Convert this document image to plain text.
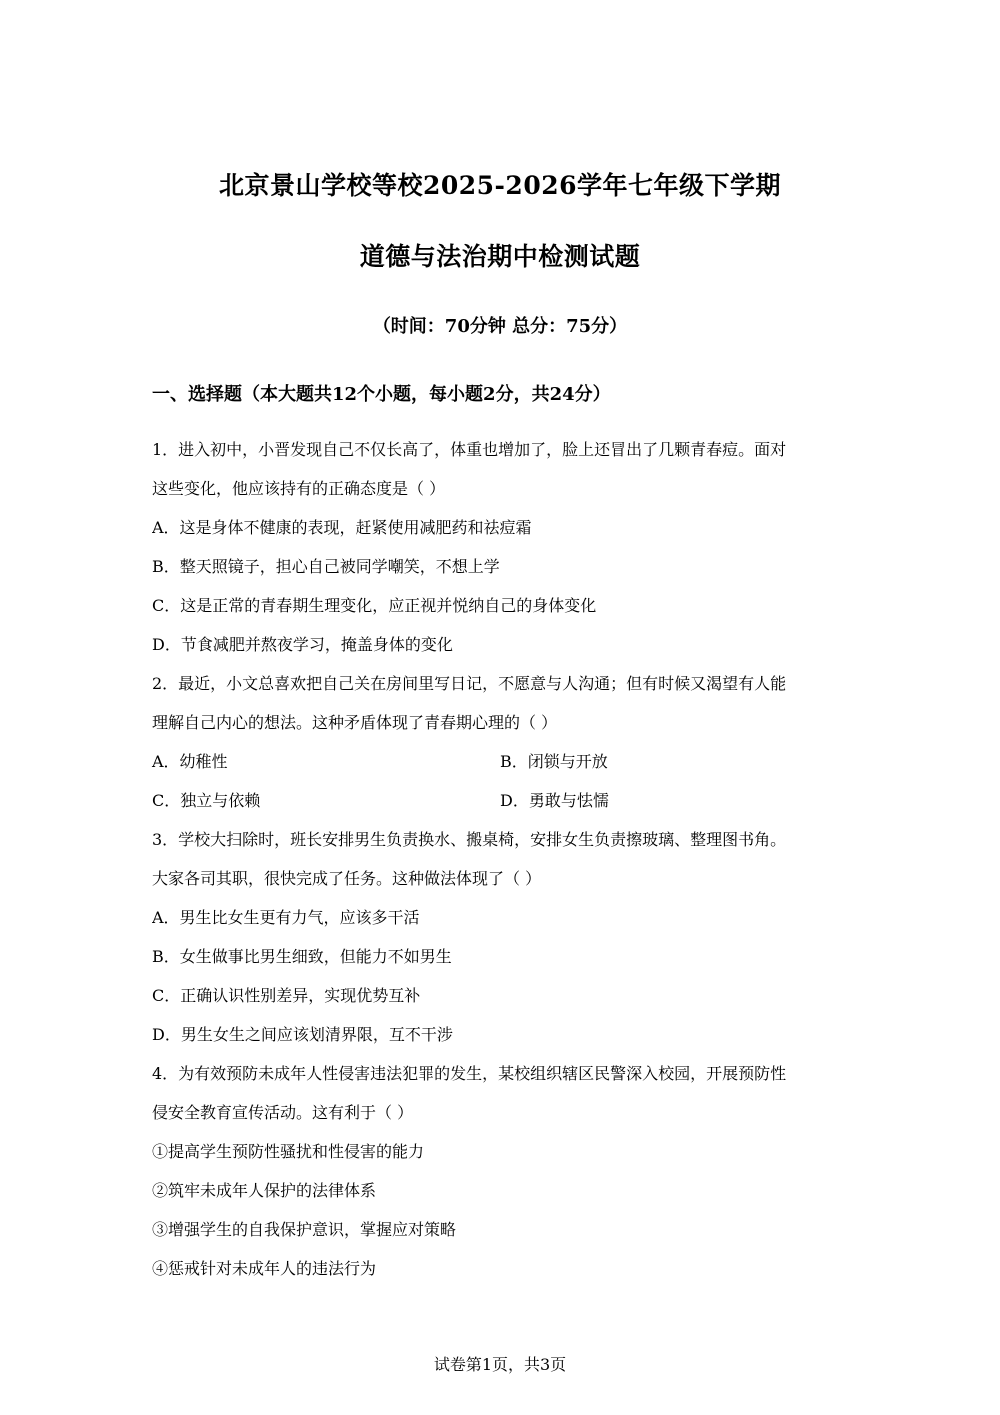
北京景山学校等校2025-2026学年七年级下学期
道德与法治期中检测试题
（时间：70分钟 总分：75分）
一、选择题（本大题共12个小题，每小题2分，共24分）
1．进入初中，小晋发现自己不仅长高了，体重也增加了，脸上还冒出了几颗青春痘。面对
这些变化，他应该持有的正确态度是（ ）
A．这是身体不健康的表现，赶紧使用减肥药和祛痘霜
B．整天照镜子，担心自己被同学嘲笑，不想上学
C．这是正常的青春期生理变化，应正视并悦纳自己的身体变化
D．节食减肥并熬夜学习，掩盖身体的变化
2．最近，小文总喜欢把自己关在房间里写日记，不愿意与人沟通；但有时候又渴望有人能
理解自己内心的想法。这种矛盾体现了青春期心理的（ ）
A．幼稚性	B．闭锁与开放
C．独立与依赖	D．勇敢与怯懦
3．学校大扫除时，班长安排男生负责换水、搬桌椅，安排女生负责擦玻璃、整理图书角。
大家各司其职，很快完成了任务。这种做法体现了（ ）
A．男生比女生更有力气，应该多干活
B．女生做事比男生细致，但能力不如男生
C．正确认识性别差异，实现优势互补
D．男生女生之间应该划清界限，互不干涉
4．为有效预防未成年人性侵害违法犯罪的发生，某校组织辖区民警深入校园，开展预防性
侵安全教育宣传活动。这有利于（ ）
①提高学生预防性骚扰和性侵害的能力
②筑牢未成年人保护的法律体系
③增强学生的自我保护意识，掌握应对策略
④惩戒针对未成年人的违法行为
试卷第1页，共3页
